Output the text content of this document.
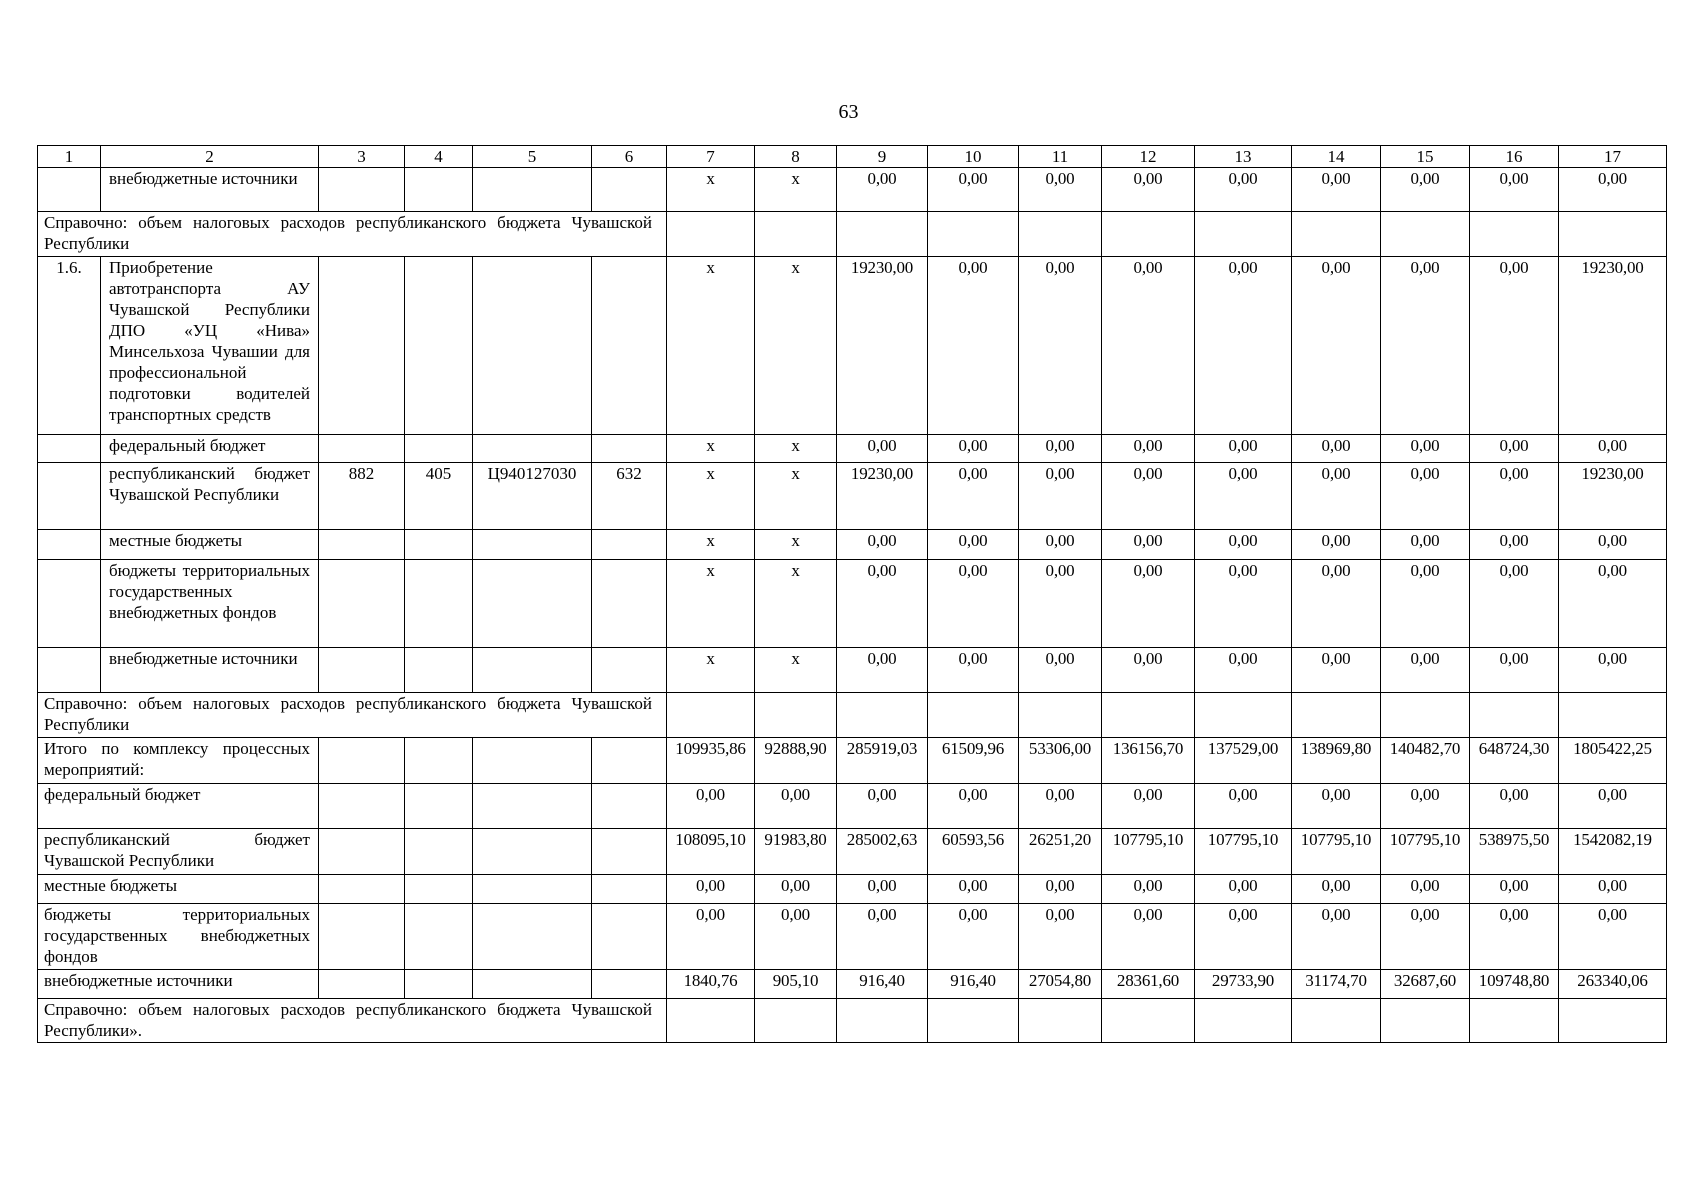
63
1	2	3	4	5	6	7	8	9	10	11	12	13	14	15	16	17
	внебюджетные источники					x	x	0,00	0,00	0,00	0,00	0,00	0,00	0,00	0,00	0,00
Справочно: объем налоговых расходов республиканского бюджета Чувашской Республики																
1.6.	Приобретение автотранспорта АУ Чувашской Республики ДПО «УЦ «Нива» Минсельхоза Чувашии для профессиональной подготовки водителей транспортных средств					x	x	19230,00	0,00	0,00	0,00	0,00	0,00	0,00	0,00	19230,00
	федеральный бюджет					x	x	0,00	0,00	0,00	0,00	0,00	0,00	0,00	0,00	0,00
	республиканский бюджет Чувашской Республики	882	405	Ц940127030	632	x	x	19230,00	0,00	0,00	0,00	0,00	0,00	0,00	0,00	19230,00
	местные бюджеты					x	x	0,00	0,00	0,00	0,00	0,00	0,00	0,00	0,00	0,00
	бюджеты территориальных государственных внебюджетных фондов					x	x	0,00	0,00	0,00	0,00	0,00	0,00	0,00	0,00	0,00
	внебюджетные источники					x	x	0,00	0,00	0,00	0,00	0,00	0,00	0,00	0,00	0,00
Справочно: объем налоговых расходов республиканского бюджета Чувашской Республики																
Итого по комплексу процессных мероприятий:						109935,86	92888,90	285919,03	61509,96	53306,00	136156,70	137529,00	138969,80	140482,70	648724,30	1805422,25
федеральный бюджет						0,00	0,00	0,00	0,00	0,00	0,00	0,00	0,00	0,00	0,00	0,00
республиканский бюджет Чувашской Республики						108095,10	91983,80	285002,63	60593,56	26251,20	107795,10	107795,10	107795,10	107795,10	538975,50	1542082,19
местные бюджеты						0,00	0,00	0,00	0,00	0,00	0,00	0,00	0,00	0,00	0,00	0,00
бюджеты территориальных государственных внебюджетных фондов						0,00	0,00	0,00	0,00	0,00	0,00	0,00	0,00	0,00	0,00	0,00
внебюджетные источники						1840,76	905,10	916,40	916,40	27054,80	28361,60	29733,90	31174,70	32687,60	109748,80	263340,06
Справочно: объем налоговых расходов республиканского бюджета Чувашской Республики».																
